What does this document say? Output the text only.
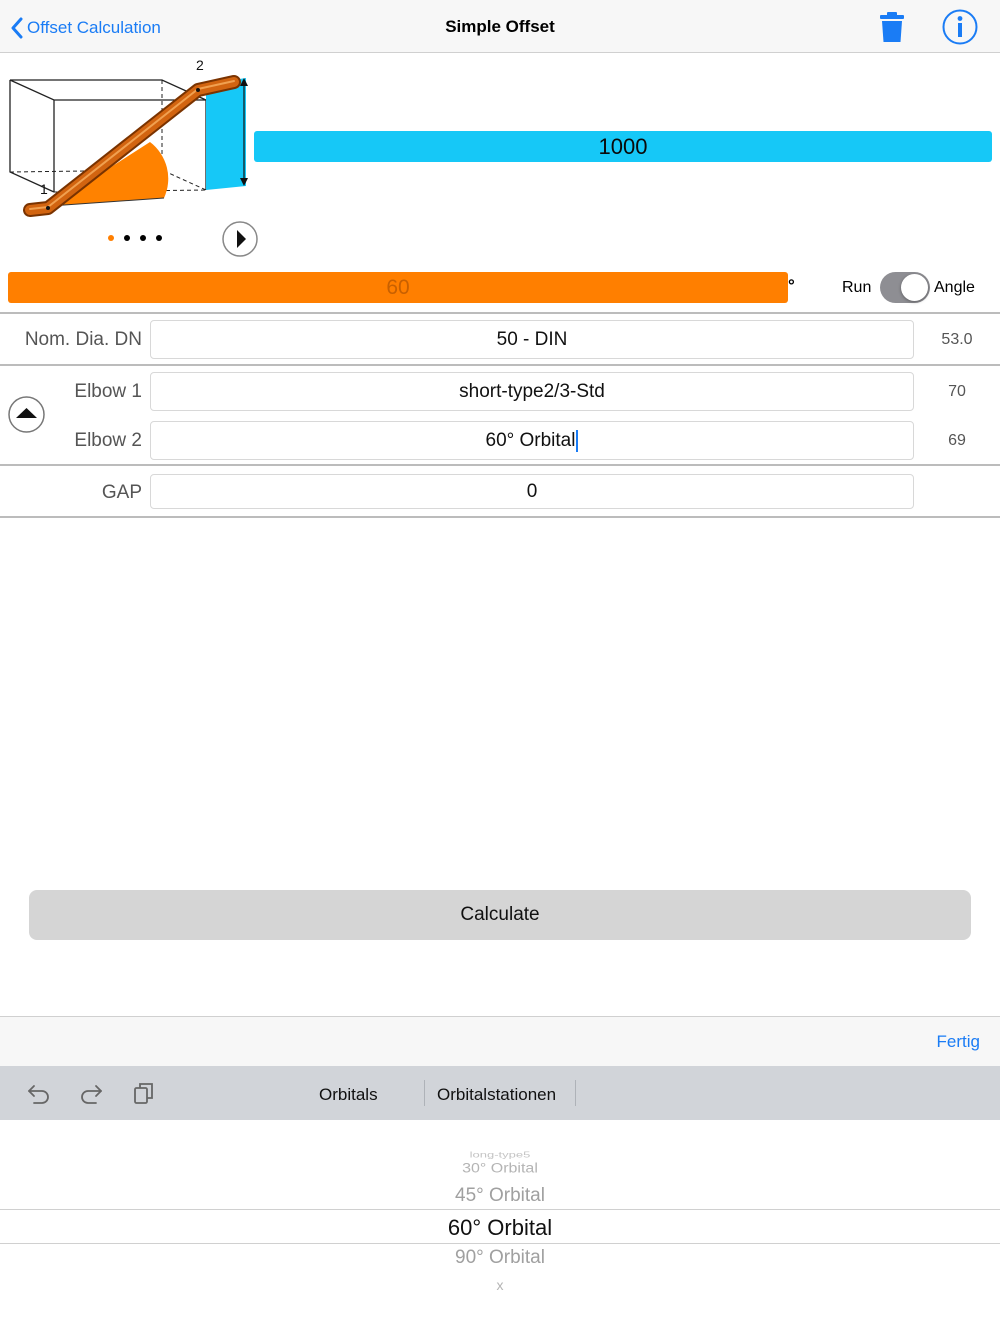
Offset Calculation	Simple Offset
1
2
1000
60	°	Run	Angle
Nom. Dia. DN	50 - DIN	53.0
Elbow 1	short-type2/3-Std	70
Elbow 2	60° Orbital	69
GAP	0
Calculate
Fertig
Orbitals	Orbitalstationen
long-type5
30° Orbital
45° Orbital
60° Orbital
90° Orbital
x
